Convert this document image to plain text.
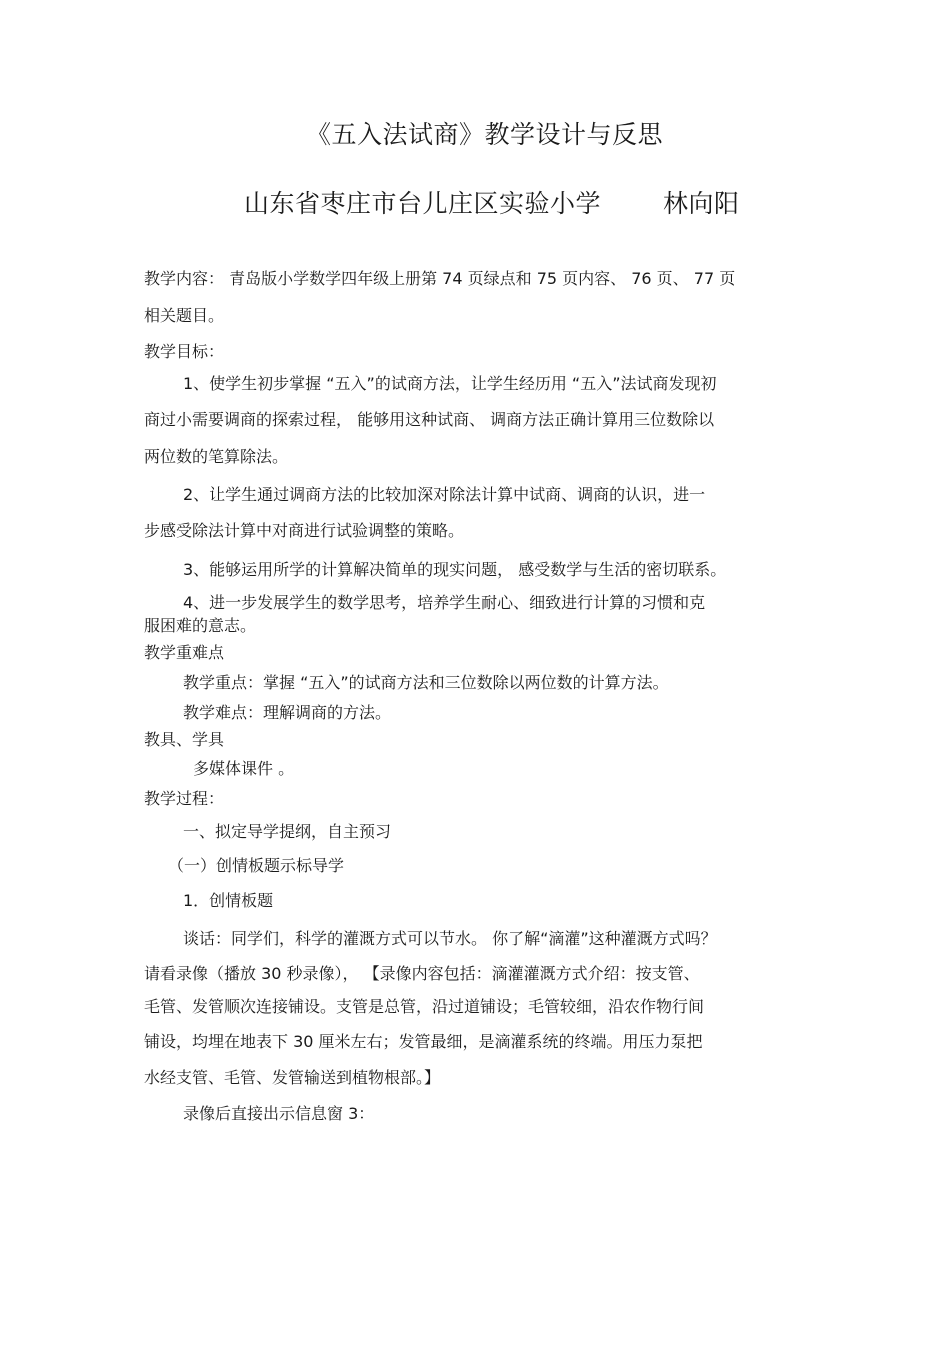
《五入法试商》教学设计与反思
山东省枣庄市台儿庄区实验小学 林向阳
教学内容： 青岛版小学数学四年级上册第 74 页绿点和 75 页内容、 76 页、 77 页
相关题目。
教学目标：
1、使学生初步掌握 “五入”的试商方法，让学生经历用 “五入”法试商发现初
商过小需要调商的探索过程， 能够用这种试商、 调商方法正确计算用三位数除以
两位数的笔算除法。
2、让学生通过调商方法的比较加深对除法计算中试商、调商的认识，进一
步感受除法计算中对商进行试验调整的策略。
3、能够运用所学的计算解决简单的现实问题， 感受数学与生活的密切联系。
4、进一步发展学生的数学思考，培养学生耐心、细致进行计算的习惯和克
服困难的意志。
教学重难点
教学重点：掌握 “五入”的试商方法和三位数除以两位数的计算方法。
教学难点：理解调商的方法。
教具、学具
多媒体课件 。
教学过程：
一、拟定导学提纲，自主预习
（一）创情板题示标导学
1．创情板题
谈话：同学们，科学的灌溉方式可以节水。 你了解“滴灌”这种灌溉方式吗？
请看录像（播放 30 秒录像）， 【录像内容包括：滴灌灌溉方式介绍：按支管、
毛管、发管顺次连接铺设。支管是总管，沿过道铺设；毛管较细，沿农作物行间
铺设，均埋在地表下 30 厘米左右；发管最细，是滴灌系统的终端。用压力泵把
水经支管、毛管、发管输送到植物根部。】
录像后直接出示信息窗 3：
